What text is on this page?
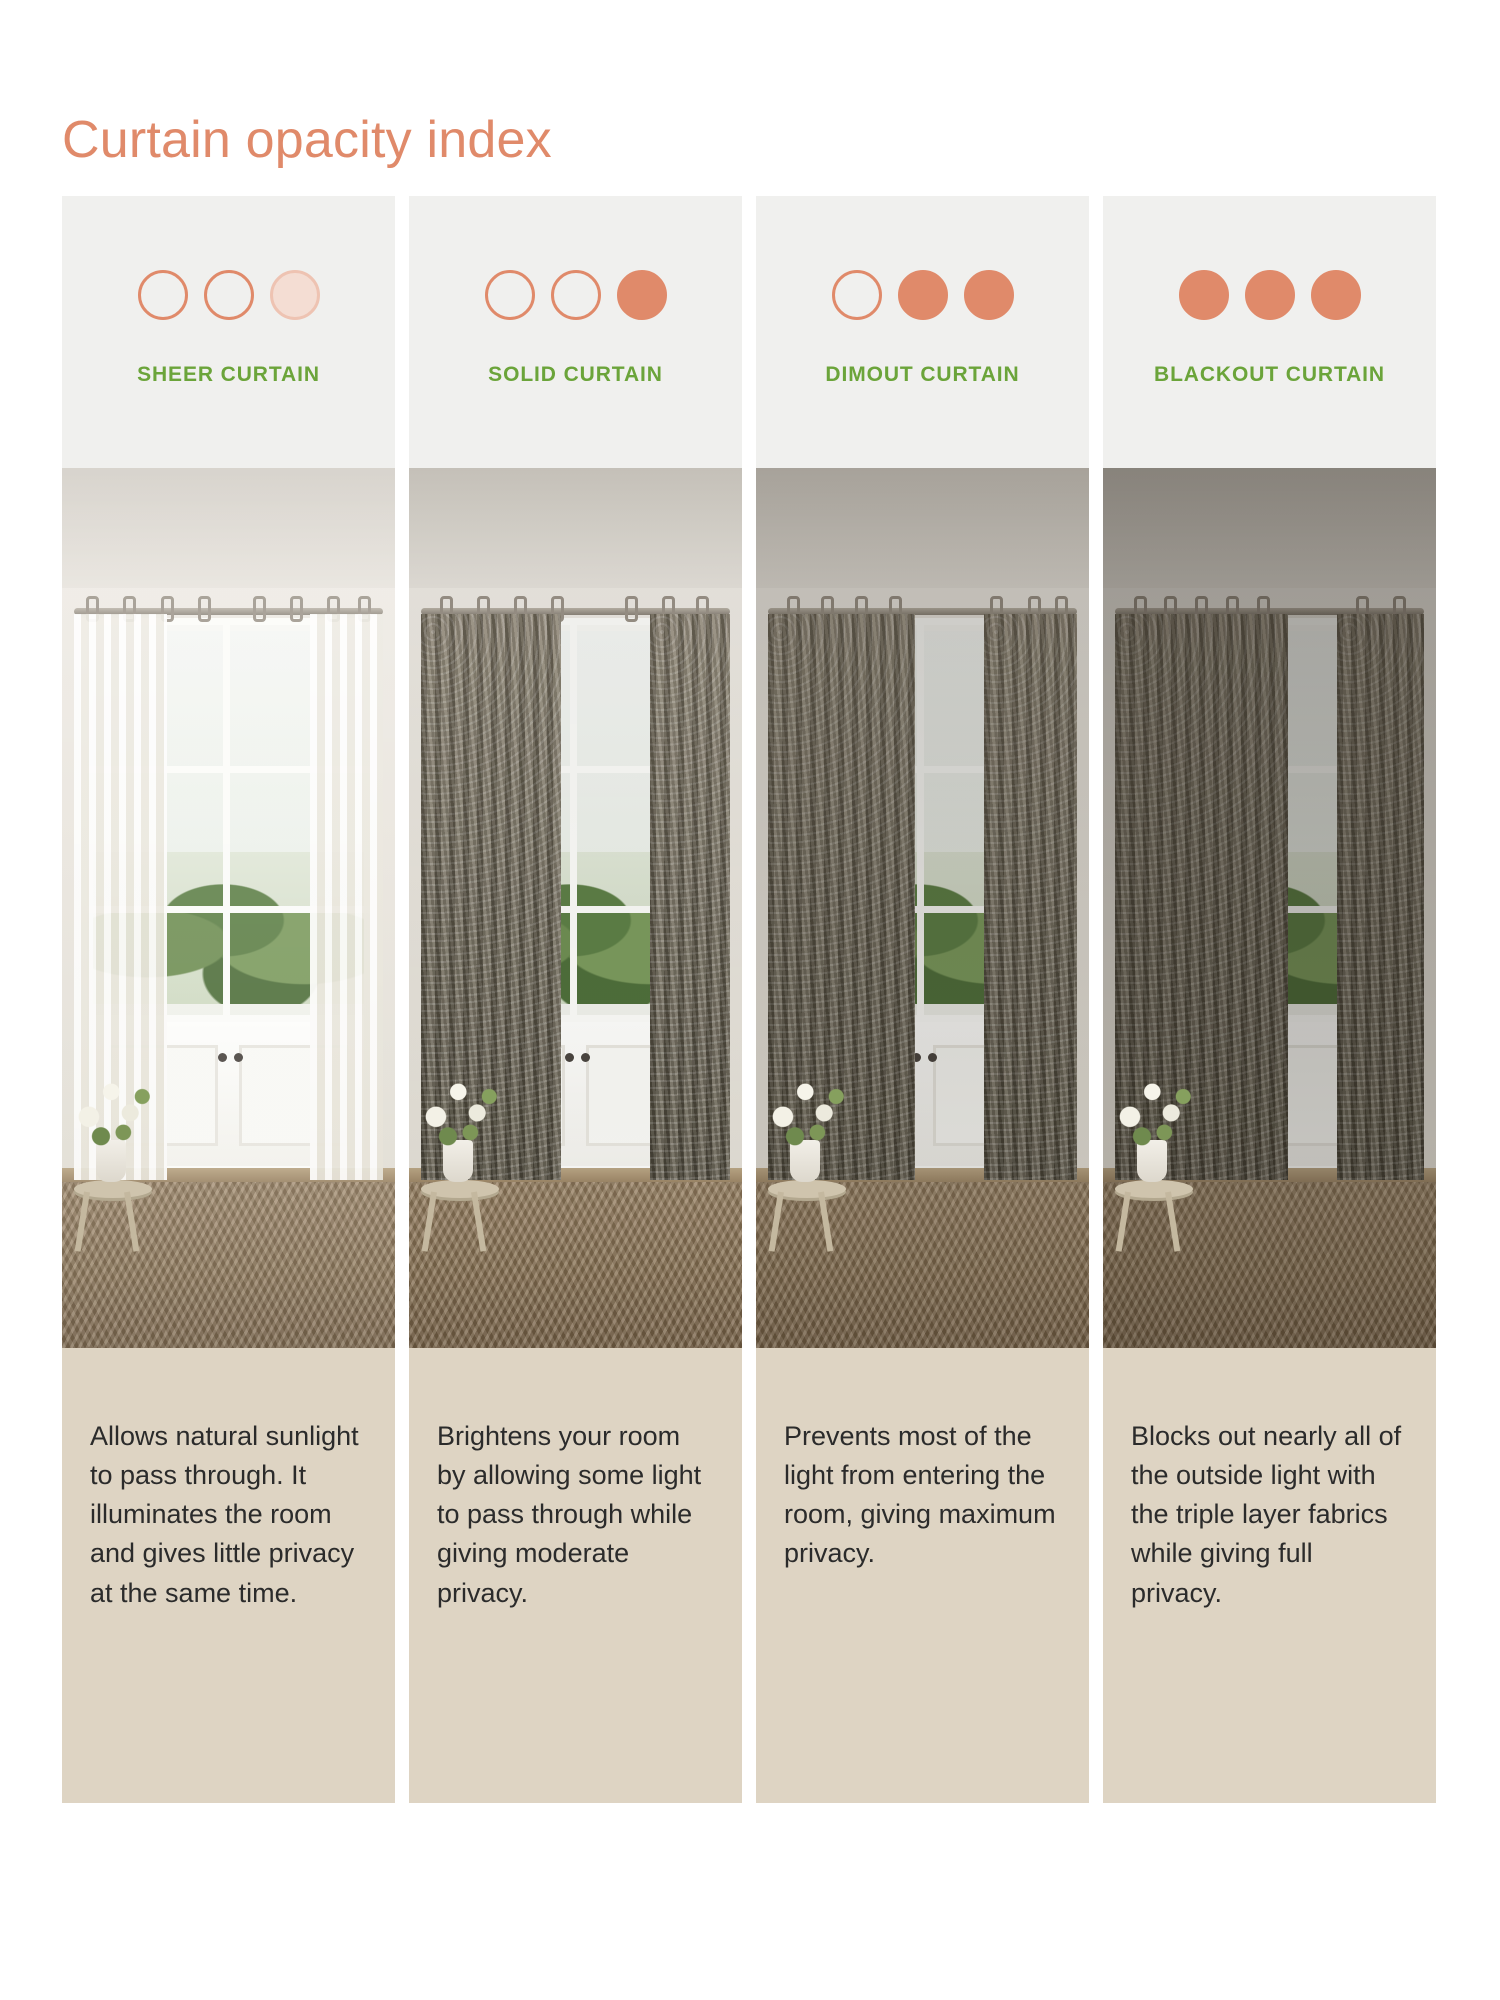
Curtain opacity index
SHEER CURTAIN

Allows natural sunlight to pass through. It illuminates the room and gives little privacy at the same time.

SOLID CURTAIN

Brightens your room by allowing some light to pass through while giving moderate privacy.

DIMOUT CURTAIN

Prevents most of the light from entering the room, giving maximum privacy.

BLACKOUT CURTAIN

Blocks out nearly all of the outside light with the triple layer fabrics while giving full privacy.
